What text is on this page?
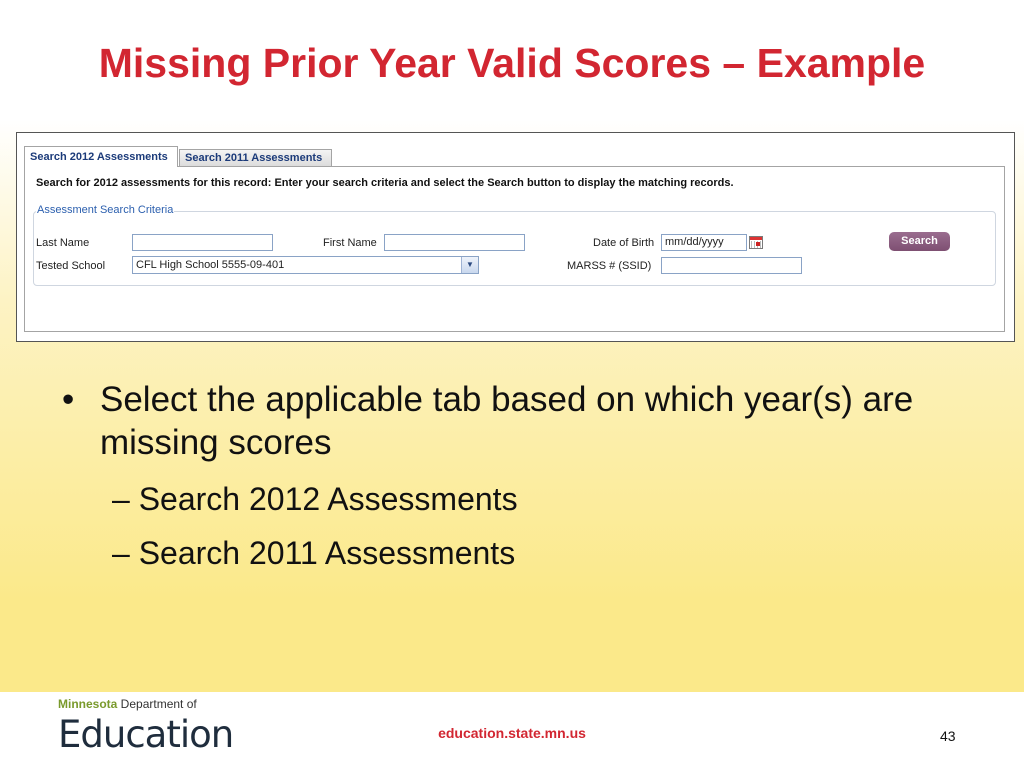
Missing Prior Year Valid Scores – Example
Search 2012 Assessments	Search 2011 Assessments
Search for 2012 assessments for this record: Enter your search criteria and select the Search button to display the matching records.
Assessment Search Criteria
Last Name	First Name	Date of Birth mm/dd/yyyy	Search
Tested School	CFL High School 5555-09-401	▼	MARSS # (SSID)
• Select the applicable tab based on which year(s) are missing scores
– Search 2012 Assessments
– Search 2011 Assessments
Minnesota Department of
Education	education.state.mn.us	43
